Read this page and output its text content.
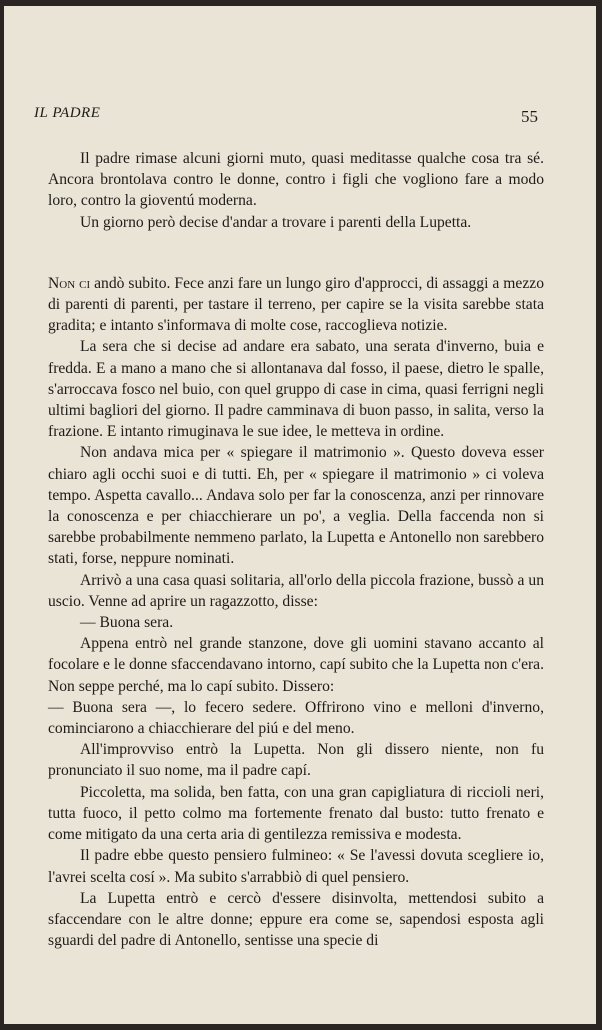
IL PADRE	55

Il padre rimase alcuni giorni muto, quasi meditasse qualche cosa tra sé. Ancora brontolava contro le donne, contro i figli che vogliono fare a modo loro, contro la gioventú moderna.

Un giorno però decise d'andar a trovare i parenti della Lupetta.

Non ci andò subito. Fece anzi fare un lungo giro d'approcci, di assaggi a mezzo di parenti di parenti, per tastare il terreno, per capire se la visita sarebbe stata gradita; e intanto s'informava di molte cose, raccoglieva notizie.

La sera che si decise ad andare era sabato, una serata d'inverno, buia e fredda. E a mano a mano che si allontanava dal fosso, il paese, dietro le spalle, s'arroccava fosco nel buio, con quel gruppo di case in cima, quasi ferrigni negli ultimi bagliori del giorno. Il padre camminava di buon passo, in salita, verso la frazione. E intanto rimuginava le sue idee, le metteva in ordine.

Non andava mica per « spiegare il matrimonio ». Questo doveva esser chiaro agli occhi suoi e di tutti. Eh, per « spiegare il matrimonio » ci voleva tempo. Aspetta cavallo... Andava solo per far la conoscenza, anzi per rinnovare la conoscenza e per chiacchierare un po', a veglia. Della faccenda non si sarebbe probabilmente nemmeno parlato, la Lupetta e Antonello non sarebbero stati, forse, neppure nominati.

Arrivò a una casa quasi solitaria, all'orlo della piccola frazione, bussò a un uscio. Venne ad aprire un ragazzotto, disse:

— Buona sera.

Appena entrò nel grande stanzone, dove gli uomini stavano accanto al focolare e le donne sfaccendavano intorno, capí subito che la Lupetta non c'era. Non seppe perché, ma lo capí subito. Dissero:

— Buona sera —, lo fecero sedere. Offrirono vino e melloni d'inverno, cominciarono a chiacchierare del piú e del meno.

All'improvviso entrò la Lupetta. Non gli dissero niente, non fu pronunciato il suo nome, ma il padre capí.

Piccoletta, ma solida, ben fatta, con una gran capigliatura di riccioli neri, tutta fuoco, il petto colmo ma fortemente frenato dal busto: tutto frenato e come mitigato da una certa aria di gentilezza remissiva e modesta.

Il padre ebbe questo pensiero fulmineo: « Se l'avessi dovuta scegliere io, l'avrei scelta cosí ». Ma subito s'arrabbiò di quel pensiero.

La Lupetta entrò e cercò d'essere disinvolta, mettendosi subito a sfaccendare con le altre donne; eppure era come se, sapendosi esposta agli sguardi del padre di Antonello, sentisse una specie di
